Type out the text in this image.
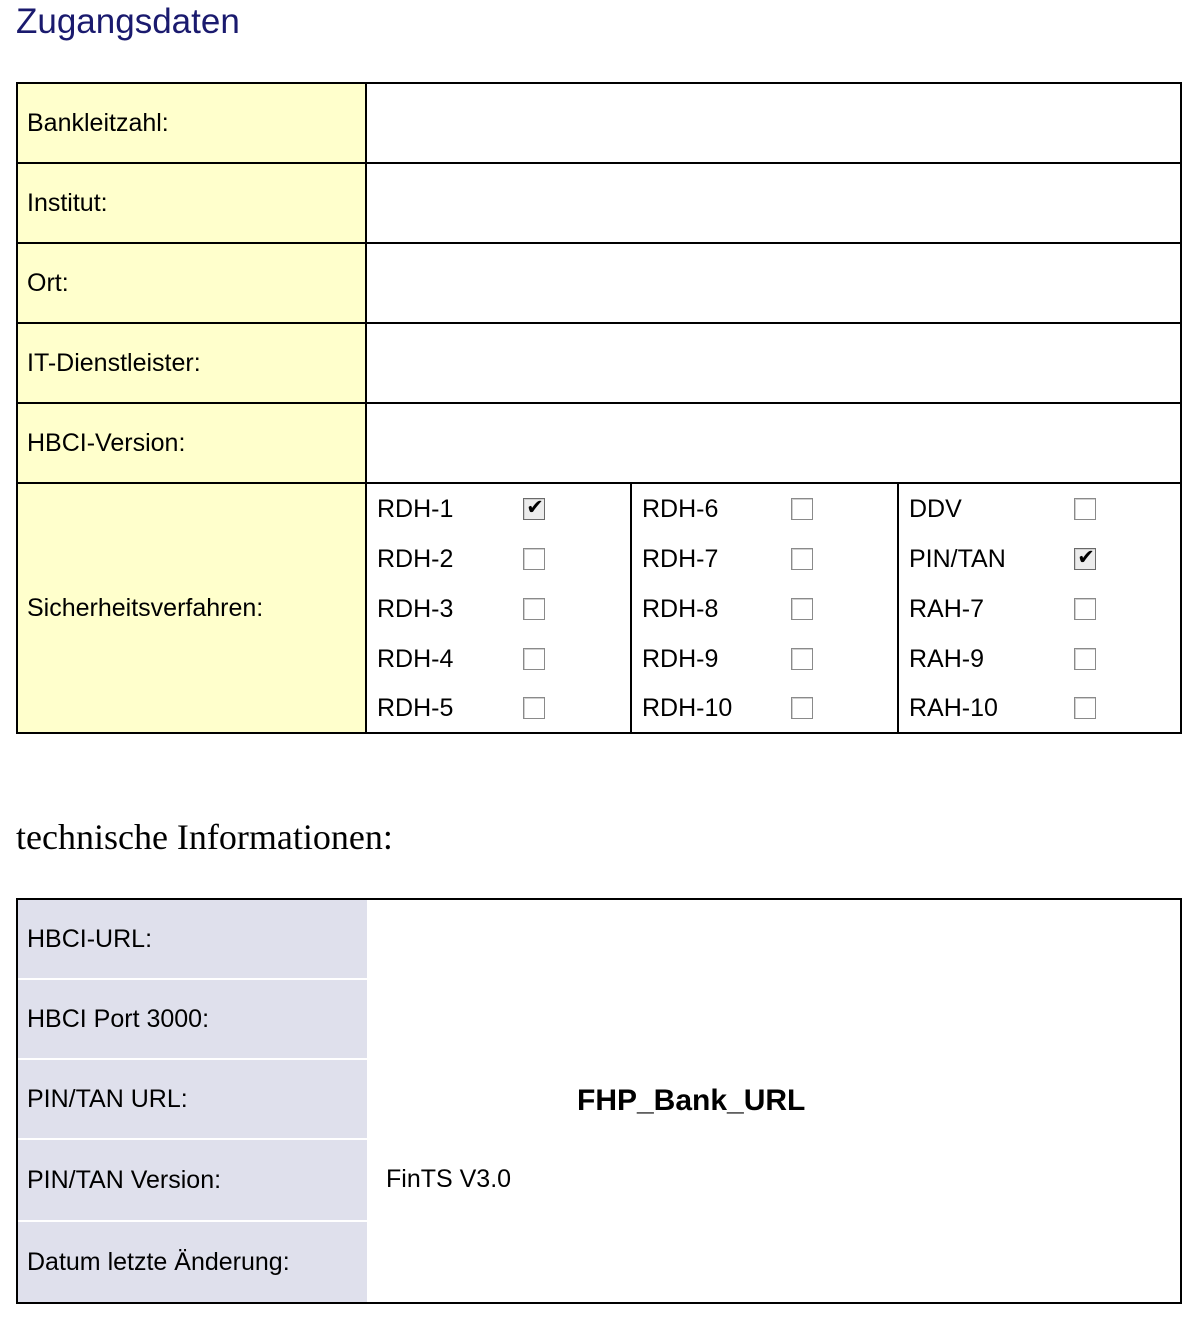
Zugangsdaten
Bankleitzahl:
Institut:
Ort:
IT-Dienstleister:
HBCI-Version:
Sicherheitsverfahren:
RDH-1	✔
RDH-2
RDH-3
RDH-4
RDH-5
RDH-6
RDH-7
RDH-8
RDH-9
RDH-10
DDV
PIN/TAN	✔
RAH-7
RAH-9
RAH-10
technische Informationen:
HBCI-URL:
HBCI Port 3000:
PIN/TAN URL:
PIN/TAN Version:
Datum letzte Änderung:
FHP_Bank_URL
FinTS V3.0
